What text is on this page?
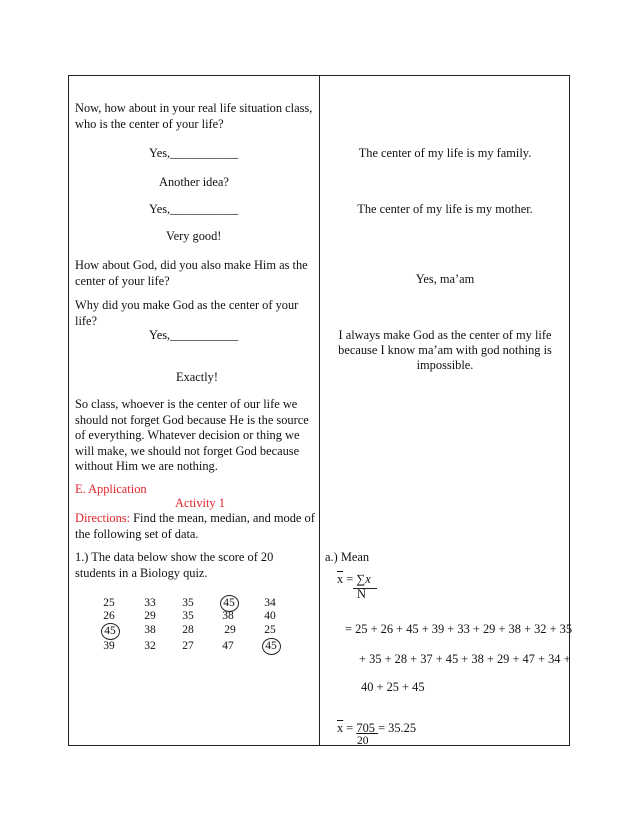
Now, how about in your real life situation class, who is the center of your life?
Yes,___________
Another idea?
Yes,___________
Very good!
How about God, did you also make Him as the center of your life?
Why did you make God as the center of your life?
Yes,___________
Exactly!
So class, whoever is the center of our life we should not forget God because He is the source of everything. Whatever decision or thing we will make, we should not forget God because without Him we are nothing.
E. Application
Activity 1
Directions: Find the mean, median, and mode of the following set of data.
1.) The data below show the score of 20 students in a Biology quiz.
25	33	35	45	34
26	29	35	38	40
45	38	28	29	25
39	32	27	47	45
The center of my life is my family.
The center of my life is my mother.
Yes, ma’am
I always make God as the center of my life
because I know ma’am with god nothing is
impossible.
a.) Mean
$\overline{x} = \sum x$
N
= 25 + 26 + 45 + 39 + 33 + 29 + 38 + 32 + 35
+ 35 + 28 + 37 + 45 + 38 + 29 + 47 + 34 +
40 + 25 + 45
$\overline{x} = 705 = 35.25$
20
